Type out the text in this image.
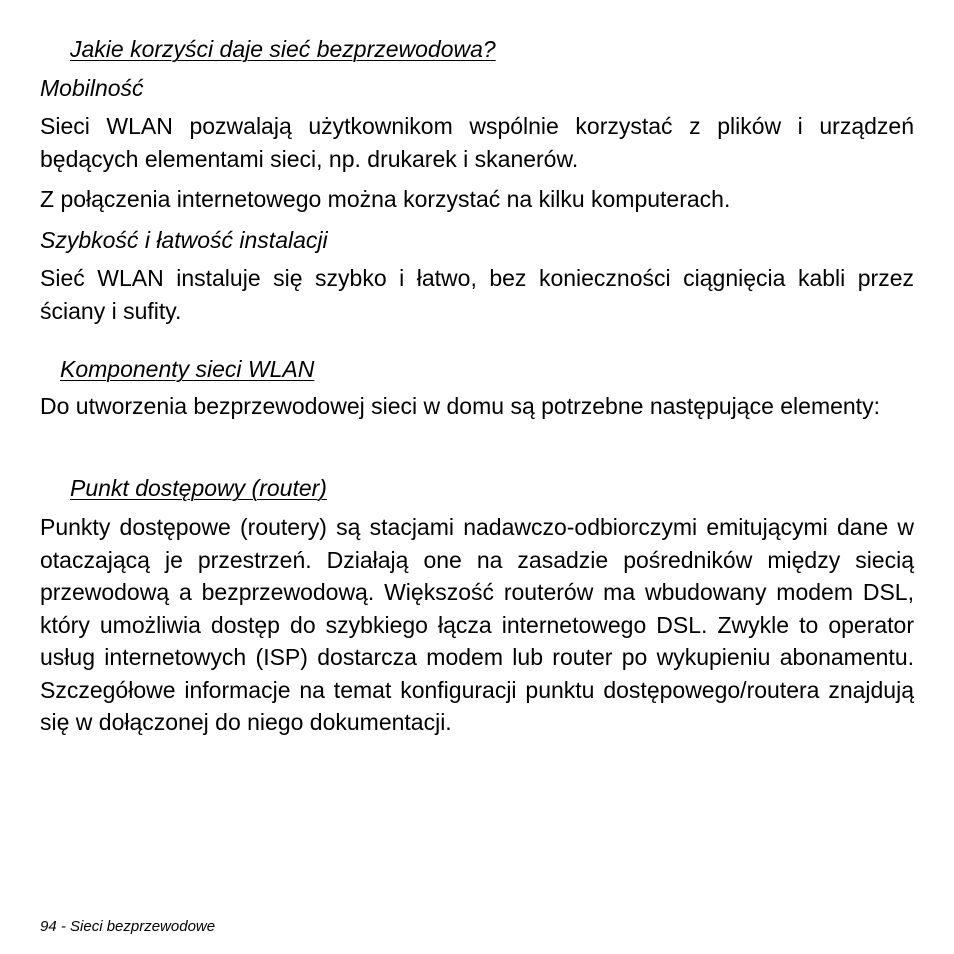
Jakie korzyści daje sieć bezprzewodowa?

Mobilność

Sieci WLAN pozwalają użytkownikom wspólnie korzystać z plików i urządzeń będących elementami sieci, np. drukarek i skanerów.

Z połączenia internetowego można korzystać na kilku komputerach.

Szybkość i łatwość instalacji

Sieć WLAN instaluje się szybko i łatwo, bez konieczności ciągnięcia kabli przez ściany i sufity.

Komponenty sieci WLAN

Do utworzenia bezprzewodowej sieci w domu są potrzebne następujące elementy:

Punkt dostępowy (router)

Punkty dostępowe (routery) są stacjami nadawczo-odbiorczymi emitującymi dane w otaczającą je przestrzeń. Działają one na zasadzie pośredników między siecią przewodową a bezprzewodową. Większość routerów ma wbudowany modem DSL, który umożliwia dostęp do szybkiego łącza internetowego DSL. Zwykle to operator usług internetowych (ISP) dostarcza modem lub router po wykupieniu abonamentu. Szczegółowe informacje na temat konfiguracji punktu dostępowego/routera znajdują się w dołączonej do niego dokumentacji.

94 - Sieci bezprzewodowe
